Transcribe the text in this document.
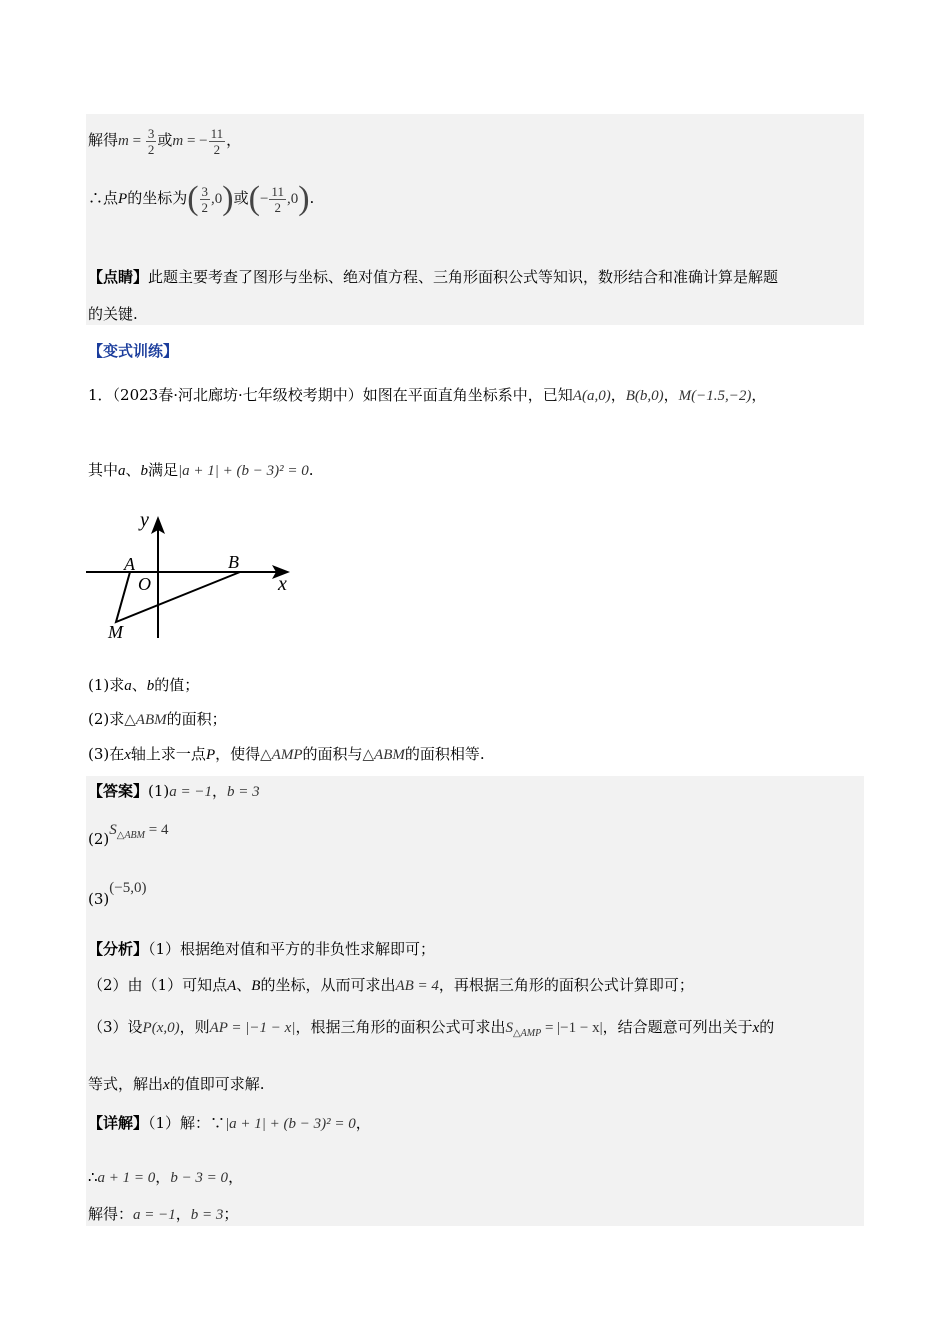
解得$m = \frac{3}{2}$ 或m = − $\frac{11}{2}$ ，
∴点P的坐标为( $\frac{3}{2} ,0$)或(− $\frac{11}{2} ,0$).
【点睛】此题主要考查了图形与坐标、绝对值方程、三角形面积公式等知识，数形结合和准确计算是解题
的关键.
【变式训练】
1．（2023春·河北廊坊·七年级校考期中）如图在平面直角坐标系中，已知A(a,0)，B(b,0)，M(−1.5,−2)，
其中a、b满足|a + 1| + (b − 3)² = 0.
y
x
A
O
B
M
(1)求a、b的值；
(2)求△ABM的面积；
(3)在x轴上求一点P，使得△AMP的面积与△ABM的面积相等.
【答案】(1)a = −1，b = 3
$(2)S_{\triangle ABM} = 4$
(3)(−5,0)
【分析】（1）根据绝对值和平方的非负性求解即可；
（2）由（1）可知点A、B的坐标，从而可求出AB = 4，再根据三角形的面积公式计算即可；
（3）设P(x,0)，则AP = |−1 − x|，根据三角形的面积公式可求出$S_{\triangle AMP} = |-1 - x|$，结合题意可列出关于x的
等式，解出x的值即可求解.
【详解】（1）解：∵|a + 1| + (b − 3)² = 0，
∴a + 1 = 0，b − 3 = 0，
解得：a = −1，b = 3；
